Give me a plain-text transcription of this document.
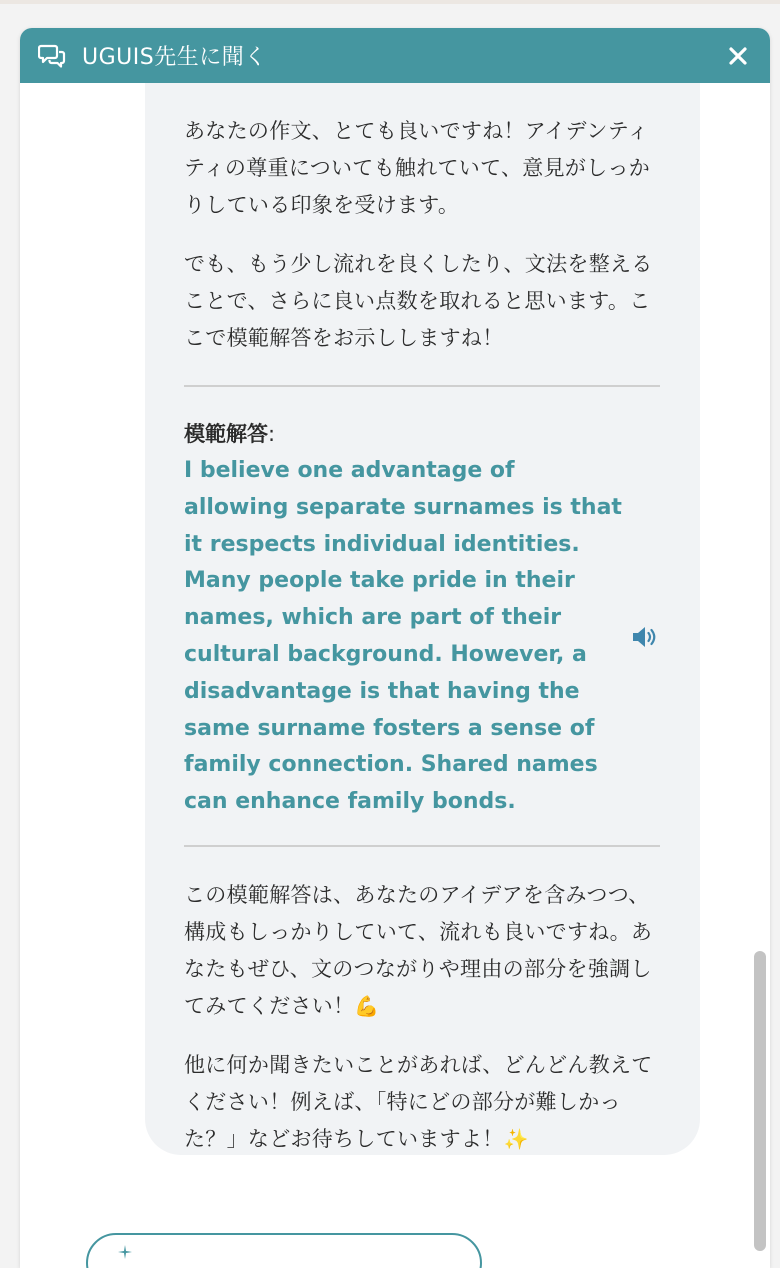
UGUIS先生に聞く

あなたの作文、とても良いですね！アイデンティティの尊重についても触れていて、意見がしっかりしている印象を受けます。

でも、もう少し流れを良くしたり、文法を整えることで、さらに良い点数を取れると思います。ここで模範解答をお示ししますね！

模範解答:

I believe one advantage of allowing separate surnames is that it respects individual identities. Many people take pride in their names, which are part of their cultural background. However, a disadvantage is that having the same surname fosters a sense of family connection. Shared names can enhance family bonds.

この模範解答は、あなたのアイデアを含みつつ、構成もしっかりしていて、流れも良いですね。あなたもぜひ、文のつながりや理由の部分を強調してみてください！💪

他に何か聞きたいことがあれば、どんどん教えてください！例えば、「特にどの部分が難しかった？」などお待ちしていますよ！✨
